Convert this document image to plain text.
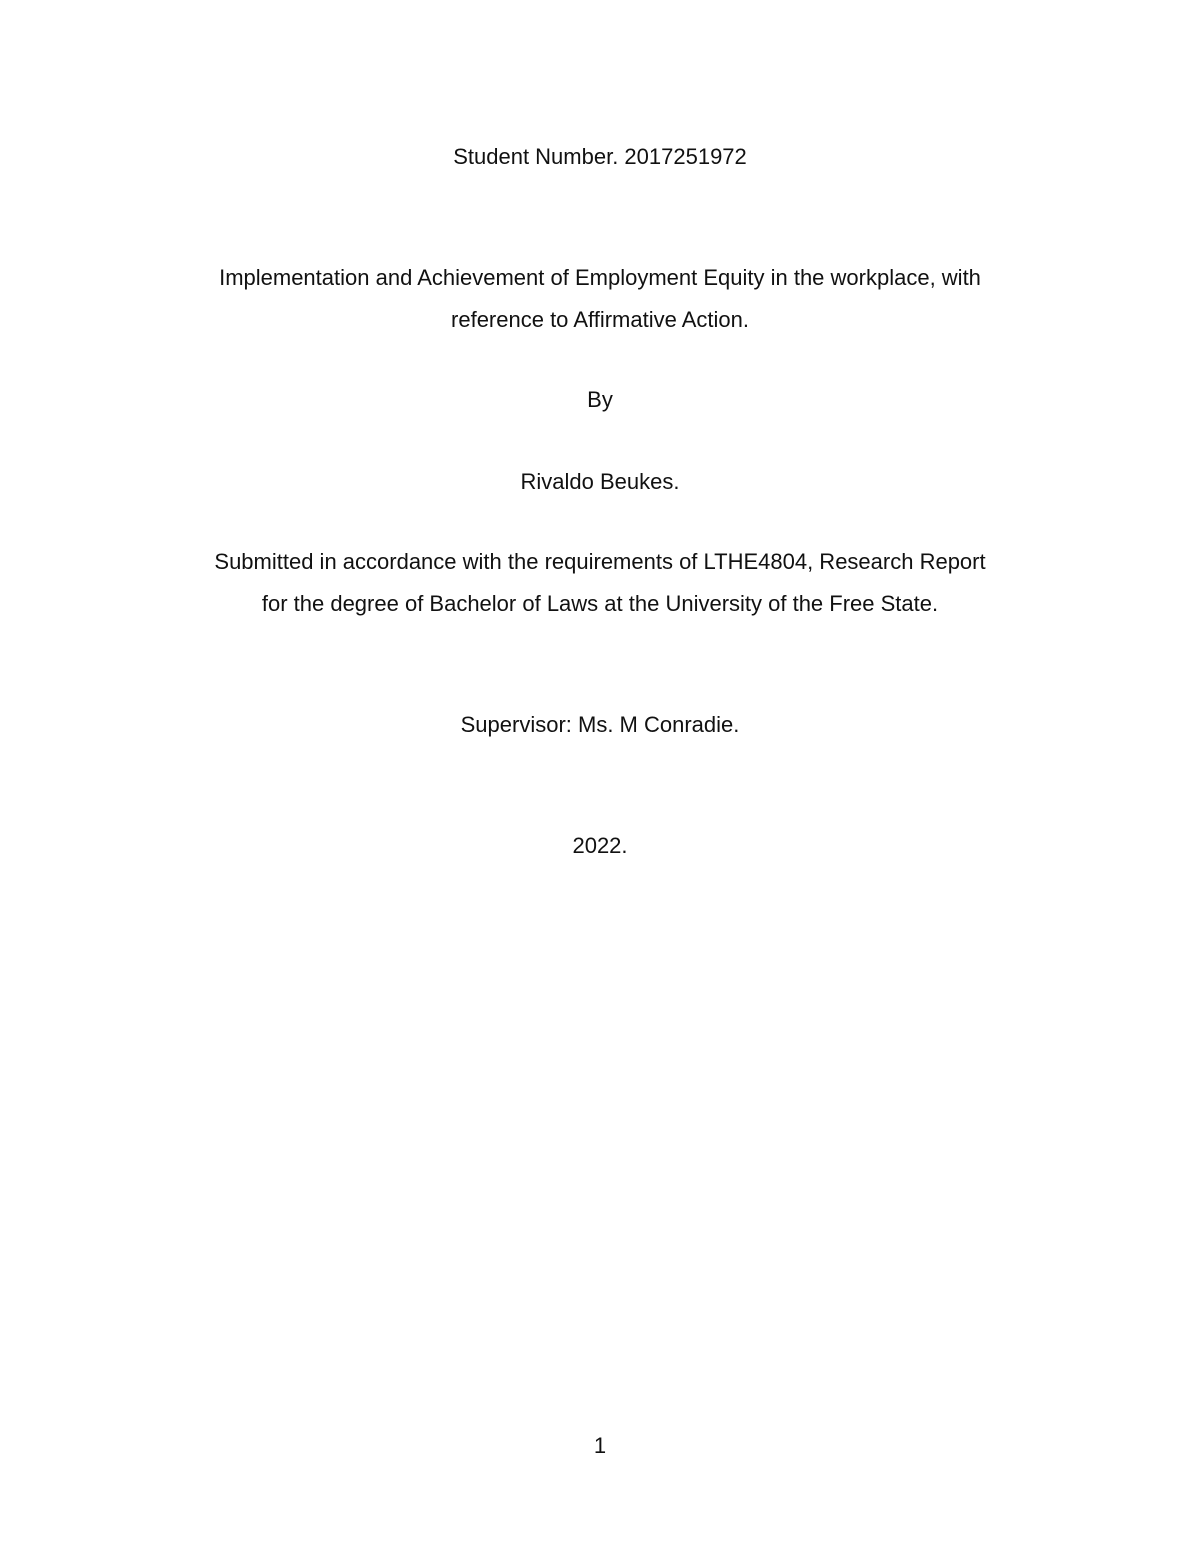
Student Number. 2017251972
Implementation and Achievement of Employment Equity in the workplace, with
reference to Affirmative Action.
By
Rivaldo Beukes.
Submitted in accordance with the requirements of LTHE4804, Research Report
for the degree of Bachelor of Laws at the University of the Free State.
Supervisor: Ms. M Conradie.
2022.
1
